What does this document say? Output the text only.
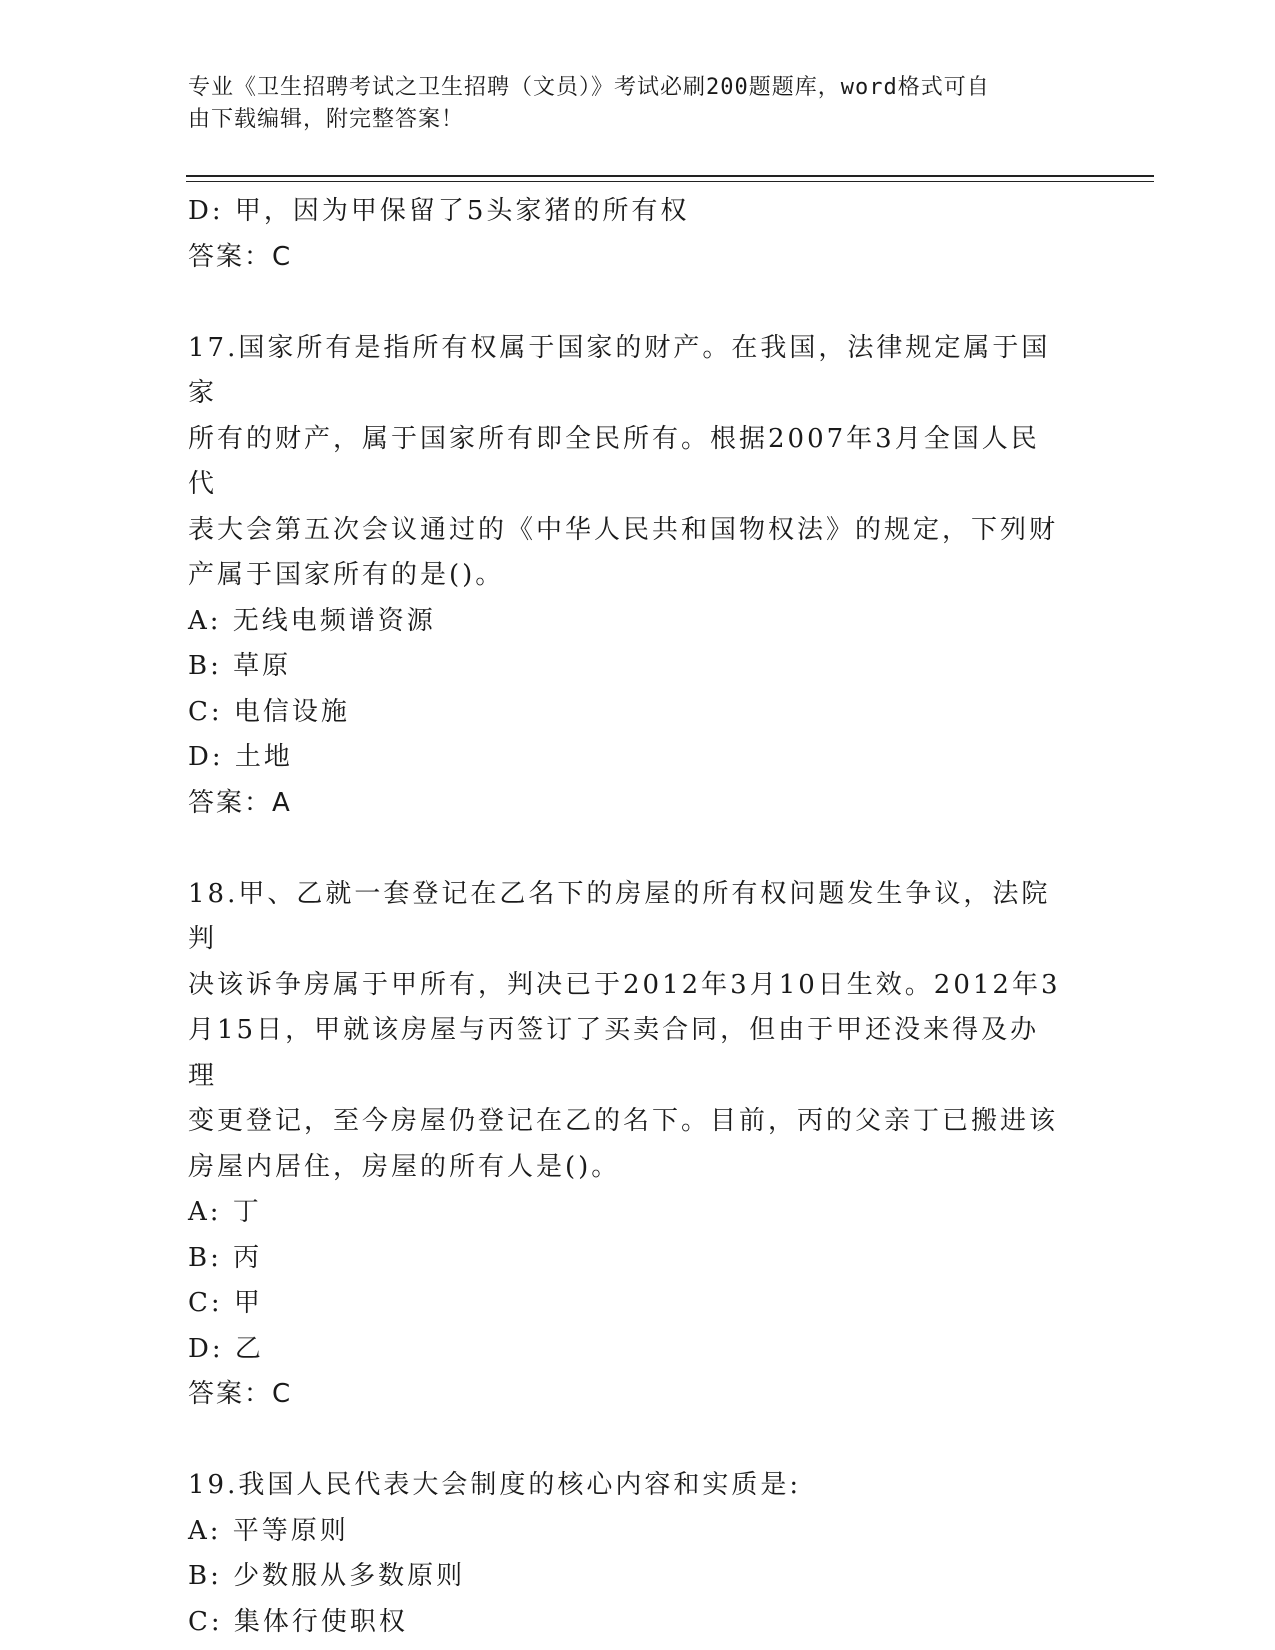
专业《卫生招聘考试之卫生招聘（文员）》考试必刷200题题库，word格式可自
由下载编辑，附完整答案！

D: 甲，因为甲保留了5头家猪的所有权

答案：C

17.国家所有是指所有权属于国家的财产。在我国，法律规定属于国家

所有的财产，属于国家所有即全民所有。根据2007年3月全国人民代

表大会第五次会议通过的《中华人民共和国物权法》的规定，下列财

产属于国家所有的是()。

A: 无线电频谱资源

B: 草原

C: 电信设施

D: 土地

答案：A

18.甲、乙就一套登记在乙名下的房屋的所有权问题发生争议，法院判

决该诉争房属于甲所有，判决已于2012年3月10日生效。2012年3

月15日，甲就该房屋与丙签订了买卖合同，但由于甲还没来得及办理

变更登记，至今房屋仍登记在乙的名下。目前，丙的父亲丁已搬进该

房屋内居住，房屋的所有人是()。

A: 丁

B: 丙

C: 甲

D: 乙

答案：C

19.我国人民代表大会制度的核心内容和实质是:

A: 平等原则

B: 少数服从多数原则

C: 集体行使职权
